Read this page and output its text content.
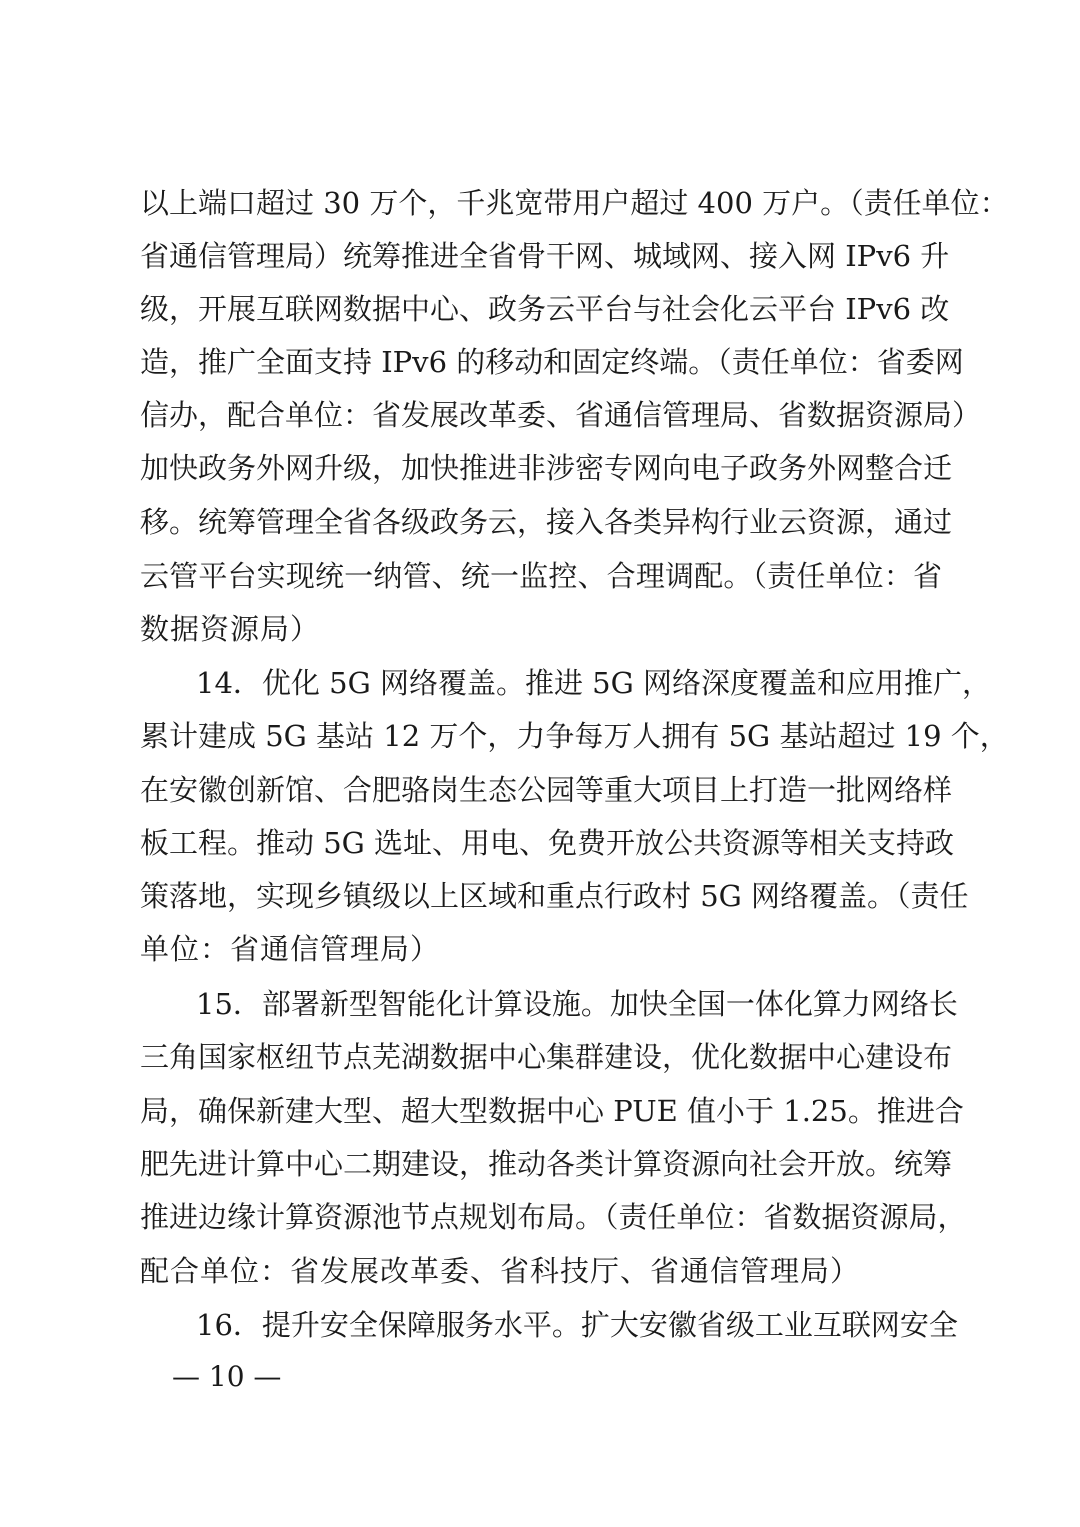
以上端口超过 30 万个，千兆宽带用户超过 400 万户。（责任单位：
省通信管理局）统筹推进全省骨干网、城域网、接入网 IPv6 升
级，开展互联网数据中心、政务云平台与社会化云平台 IPv6 改
造，推广全面支持 IPv6 的移动和固定终端。（责任单位：省委网
信办，配合单位：省发展改革委、省通信管理局、省数据资源局）
加快政务外网升级，加快推进非涉密专网向电子政务外网整合迁
移。统筹管理全省各级政务云，接入各类异构行业云资源，通过
云管平台实现统一纳管、统一监控、合理调配。（责任单位：省
数据资源局）
14．优化 5G 网络覆盖。推进 5G 网络深度覆盖和应用推广，
累计建成 5G 基站 12 万个，力争每万人拥有 5G 基站超过 19 个，
在安徽创新馆、合肥骆岗生态公园等重大项目上打造一批网络样
板工程。推动 5G 选址、用电、免费开放公共资源等相关支持政
策落地，实现乡镇级以上区域和重点行政村 5G 网络覆盖。（责任
单位：省通信管理局）
15．部署新型智能化计算设施。加快全国一体化算力网络长
三角国家枢纽节点芜湖数据中心集群建设，优化数据中心建设布
局，确保新建大型、超大型数据中心 PUE 值小于 1.25。推进合
肥先进计算中心二期建设，推动各类计算资源向社会开放。统筹
推进边缘计算资源池节点规划布局。（责任单位：省数据资源局，
配合单位：省发展改革委、省科技厅、省通信管理局）
16．提升安全保障服务水平。扩大安徽省级工业互联网安全
— 10 —
